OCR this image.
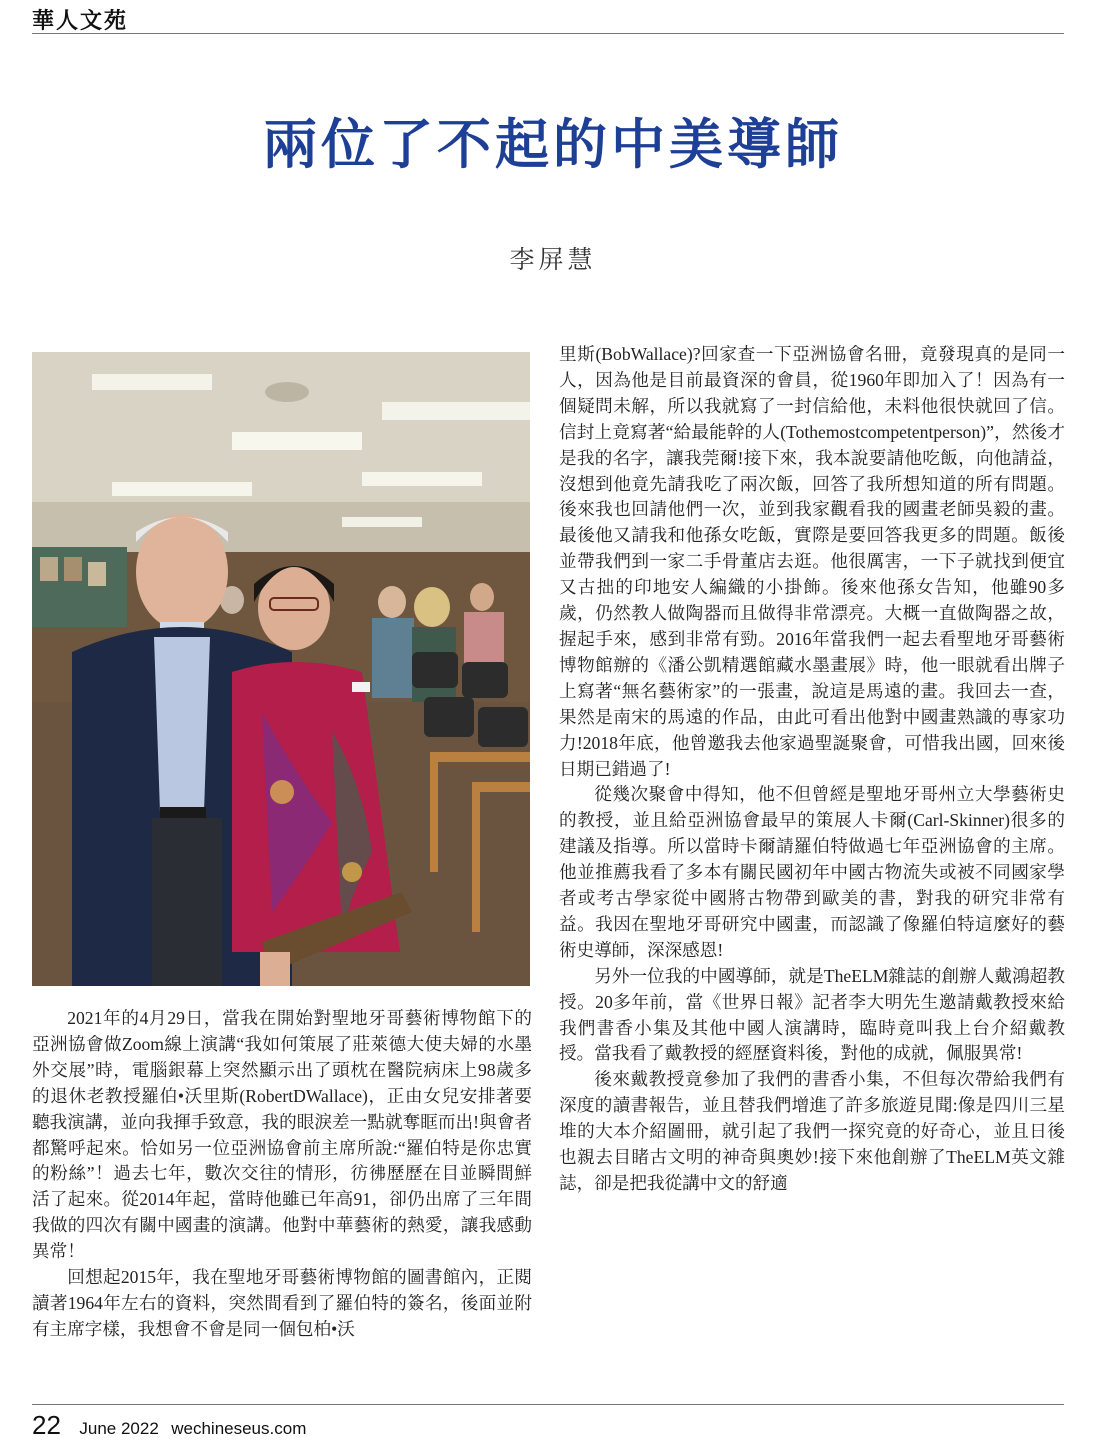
華人文苑
兩位了不起的中美導師
李屏慧

2021年的4月29日，當我在開始對聖地牙哥藝術博物館下的亞洲協會做Zoom線上演講“我如何策展了莊萊德大使夫婦的水墨外交展”時，電腦銀幕上突然顯示出了頭枕在醫院病床上98歲多的退休老教授羅伯•沃里斯(RobertDWallace)，正由女兒安排著要聽我演講，並向我揮手致意，我的眼淚差一點就奪眶而出!與會者都驚呼起來。恰如另一位亞洲協會前主席所說:“羅伯特是你忠實的粉絲”！過去七年，數次交往的情形，彷彿歷歷在目並瞬間鮮活了起來。從2014年起，當時他雖已年高91，卻仍出席了三年間我做的四次有關中國畫的演講。他對中華藝術的熱愛，讓我感動異常！

回想起2015年，我在聖地牙哥藝術博物館的圖書館內，正閱讀著1964年左右的資料，突然間看到了羅伯特的簽名，後面並附有主席字樣，我想會不會是同一個包柏•沃

里斯(BobWallace)?回家查一下亞洲協會名冊，竟發現真的是同一人，因為他是目前最資深的會員，從1960年即加入了！因為有一個疑問未解，所以我就寫了一封信給他，未料他很快就回了信。信封上竟寫著“給最能幹的人(Tothemostcompetentperson)”，然後才是我的名字，讓我莞爾!接下來，我本說要請他吃飯，向他請益，沒想到他竟先請我吃了兩次飯，回答了我所想知道的所有問題。後來我也回請他們一次，並到我家觀看我的國畫老師吳毅的畫。最後他又請我和他孫女吃飯，實際是要回答我更多的問題。飯後並帶我們到一家二手骨董店去逛。他很厲害，一下子就找到便宜又古拙的印地安人編織的小掛飾。後來他孫女告知，他雖90多歲，仍然教人做陶器而且做得非常漂亮。大概一直做陶器之故，握起手來，感到非常有勁。2016年當我們一起去看聖地牙哥藝術博物館辦的《潘公凱精選館藏水墨畫展》時，他一眼就看出牌子上寫著“無名藝術家”的一張畫，說這是馬遠的畫。我回去一查，果然是南宋的馬遠的作品，由此可看出他對中國畫熟識的專家功力!2018年底，他曾邀我去他家過聖誕聚會，可惜我出國，回來後日期已錯過了!

從幾次聚會中得知，他不但曾經是聖地牙哥州立大學藝術史的教授，並且給亞洲協會最早的策展人卡爾(Carl-Skinner)很多的建議及指導。所以當時卡爾請羅伯特做過七年亞洲協會的主席。他並推薦我看了多本有關民國初年中國古物流失或被不同國家學者或考古學家從中國將古物帶到歐美的書，對我的研究非常有益。我因在聖地牙哥研究中國畫，而認識了像羅伯特這麼好的藝術史導師，深深感恩!

另外一位我的中國導師，就是TheELM雜誌的創辦人戴鴻超教授。20多年前，當《世界日報》記者李大明先生邀請戴教授來給我們書香小集及其他中國人演講時，臨時竟叫我上台介紹戴教授。當我看了戴教授的經歷資料後，對他的成就，佩服異常!

後來戴教授竟參加了我們的書香小集，不但每次帶給我們有深度的讀書報告，並且替我們增進了許多旅遊見聞:像是四川三星堆的大本介紹圖冊，就引起了我們一探究竟的好奇心，並且日後也親去目睹古文明的神奇與奧妙!接下來他創辦了TheELM英文雜誌，卻是把我從講中文的舒適

22 June 2022 wechineseus.com
